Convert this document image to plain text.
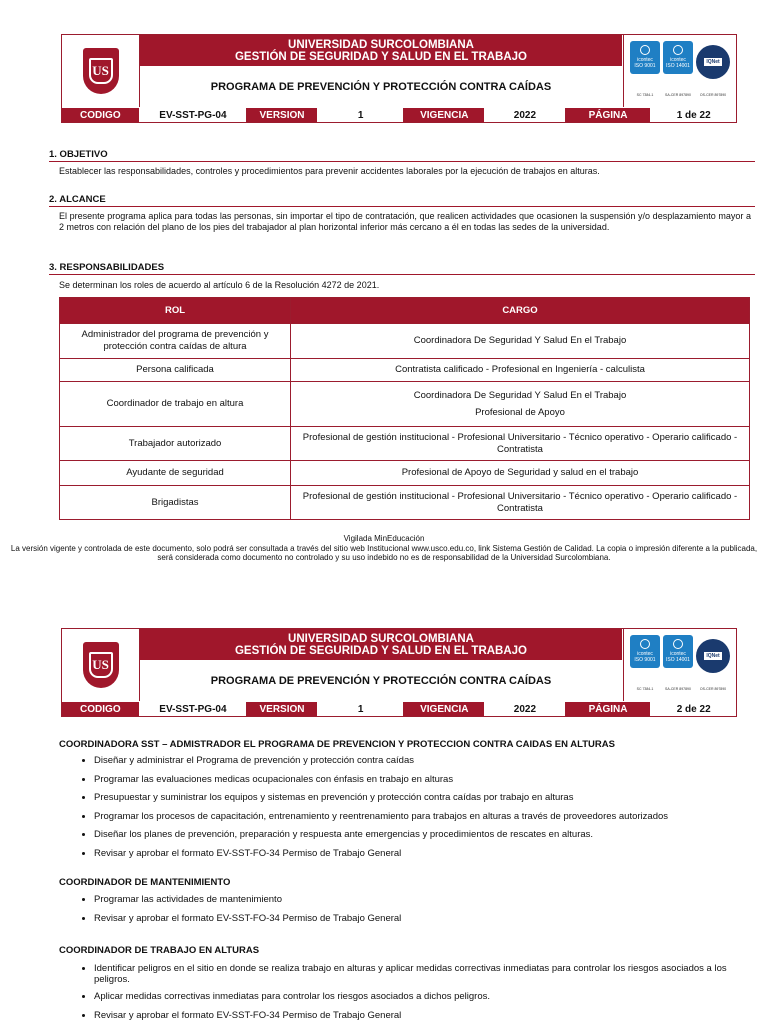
US
UNIVERSIDAD SURCOLOMBIANA
GESTIÓN DE SEGURIDAD Y SALUD EN EL TRABAJO
PROGRAMA DE PREVENCIÓN Y PROTECCIÓN CONTRA CAÍDAS
icontec
ISO 9001
icontec
ISO 14001
IQNet
SC 7384-1	SA-CER 897890	OS-CER 897890
CODIGO	EV-SST-PG-04	VERSION	1	VIGENCIA	2022	PÁGINA	1 de 22
1. OBJETIVO
Establecer las responsabilidades, controles y procedimientos para prevenir accidentes laborales por la ejecución de trabajos en alturas.
2. ALCANCE
El presente programa aplica para todas las personas, sin importar el tipo de contratación, que realicen actividades que ocasionen la suspensión y/o desplazamiento mayor a 2 metros con relación del plano de los pies del trabajador al plan horizontal inferior más cercano a él en todas las sedes de la universidad.
3. RESPONSABILIDADES
Se determinan los roles de acuerdo al artículo 6 de la Resolución 4272 de 2021.
ROL	CARGO
Administrador del programa de prevención y protección contra caídas de altura	Coordinadora De Seguridad Y Salud En el Trabajo
Persona calificada	Contratista calificado - Profesional en Ingeniería - calculista
Coordinador de trabajo en altura	Coordinadora De Seguridad Y Salud En el Trabajo
Profesional de Apoyo

Trabajador autorizado	Profesional de gestión institucional - Profesional Universitario - Técnico operativo - Operario calificado - Contratista
Ayudante de seguridad	Profesional de Apoyo de Seguridad y salud en el trabajo
Brigadistas	Profesional de gestión institucional - Profesional Universitario - Técnico operativo - Operario calificado - Contratista
Vigilada MinEducación
La versión vigente y controlada de este documento, solo podrá ser consultada a través del sitio web Institucional www.usco.edu.co, link Sistema Gestión de Calidad. La copia o impresión diferente a la publicada, será considerada como documento no controlado y su uso indebido no es de responsabilidad de la Universidad Surcolombiana.
US
UNIVERSIDAD SURCOLOMBIANA
GESTIÓN DE SEGURIDAD Y SALUD EN EL TRABAJO
PROGRAMA DE PREVENCIÓN Y PROTECCIÓN CONTRA CAÍDAS
icontec
ISO 9001
icontec
ISO 14001
IQNet
SC 7384-1	SA-CER 897890	OS-CER 897890
CODIGO	EV-SST-PG-04	VERSION	1	VIGENCIA	2022	PÁGINA	2 de 22
COORDINADORA SST – ADMISTRADOR EL PROGRAMA DE PREVENCION Y PROTECCION CONTRA CAIDAS EN ALTURAS
• Diseñar y administrar el Programa de prevención y protección contra caídas
• Programar las evaluaciones medicas ocupacionales con énfasis en trabajo en alturas
• Presupuestar y suministrar los equipos y sistemas en prevención y protección contra caídas por trabajo en alturas
• Programar los procesos de capacitación, entrenamiento y reentrenamiento para trabajos en alturas a través de proveedores autorizados
• Diseñar los planes de prevención, preparación y respuesta ante emergencias y procedimientos de rescates en alturas.
• Revisar y aprobar el formato EV-SST-FO-34 Permiso de Trabajo General
COORDINADOR DE MANTENIMIENTO
• Programar las actividades de mantenimiento
• Revisar y aprobar el formato EV-SST-FO-34 Permiso de Trabajo General
COORDINADOR DE TRABAJO EN ALTURAS
• Identificar peligros en el sitio en donde se realiza trabajo en alturas y aplicar medidas correctivas inmediatas para controlar los riesgos asociados a los peligros.
• Aplicar medidas correctivas inmediatas para controlar los riesgos asociados a dichos peligros.
• Revisar y aprobar el formato EV-SST-FO-34 Permiso de Trabajo General
